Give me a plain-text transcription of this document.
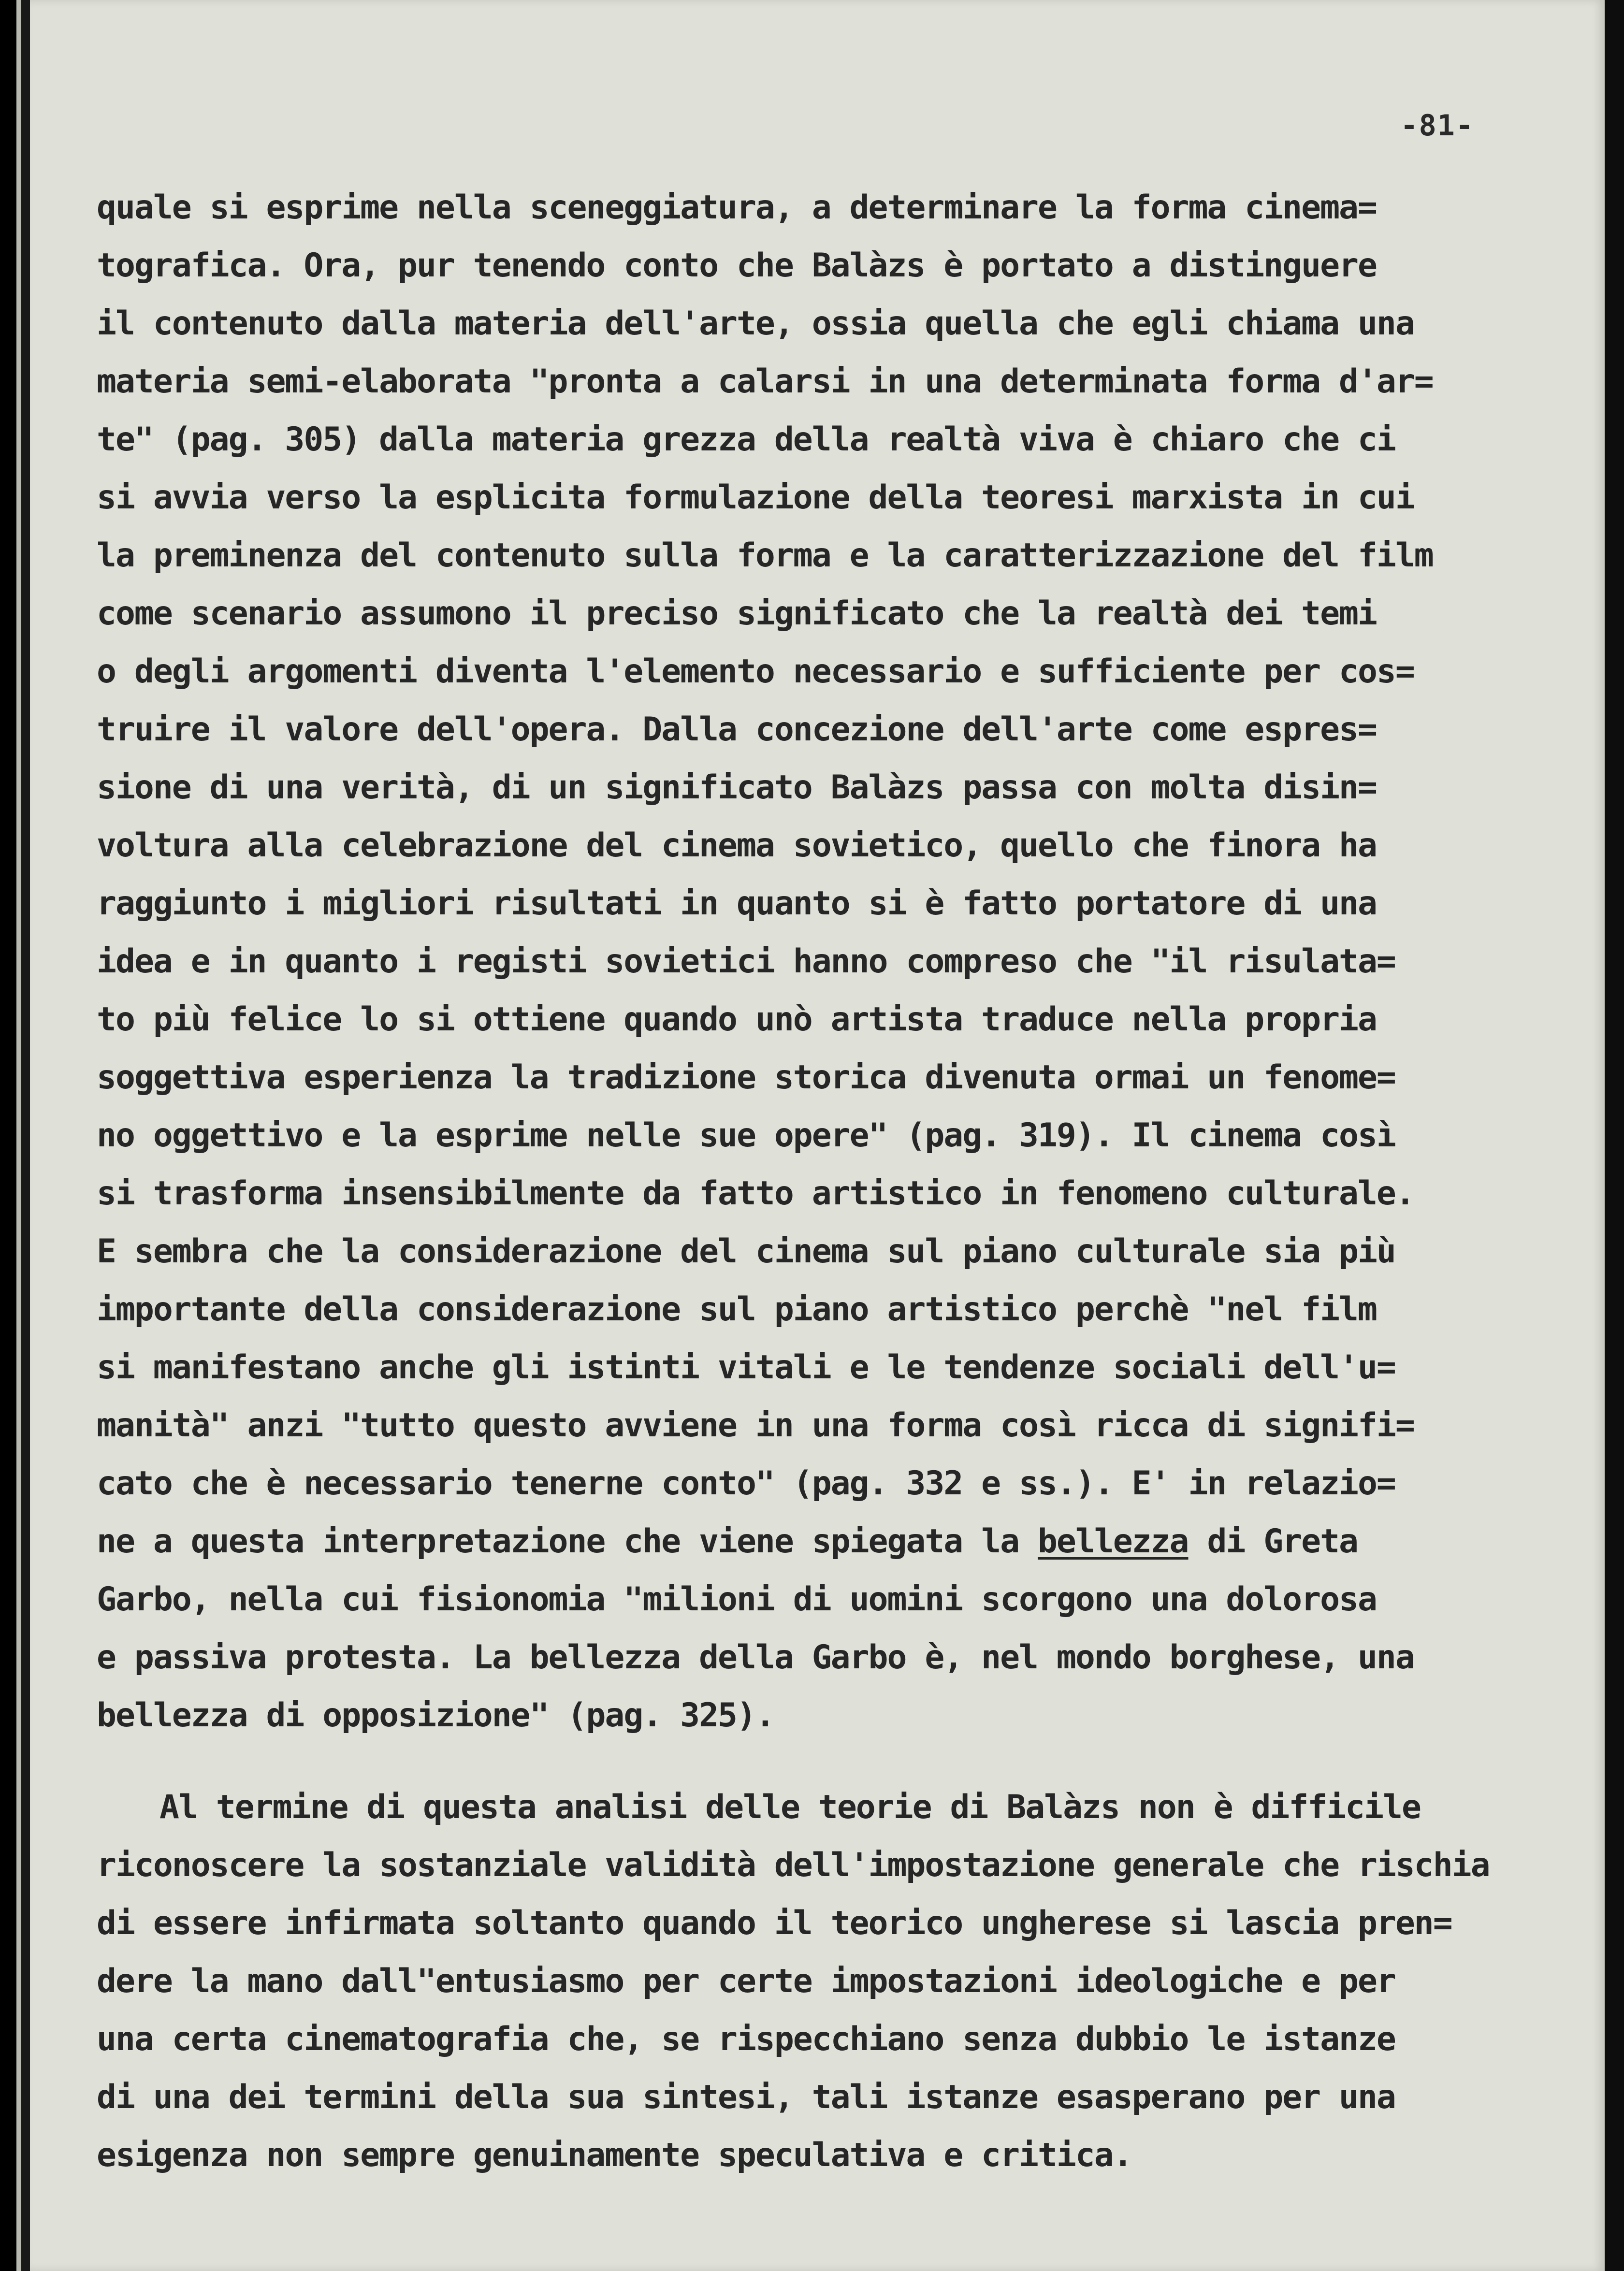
-81-
quale si esprime nella sceneggiatura, a determinare la forma cinema=
tografica. Ora, pur tenendo conto che Balàzs è portato a distinguere
il contenuto dalla materia dell'arte, ossia quella che egli chiama una
materia semi-elaborata "pronta a calarsi in una determinata forma d'ar=
te" (pag. 305) dalla materia grezza della realtà viva è chiaro che ci
si avvia verso la esplicita formulazione della teoresi marxista in cui
la preminenza del contenuto sulla forma e la caratterizzazione del film
come scenario assumono il preciso significato che la realtà dei temi
o degli argomenti diventa l'elemento necessario e sufficiente per cos=
truire il valore dell'opera. Dalla concezione dell'arte come espres=
sione di una verità, di un significato Balàzs passa con molta disin=
voltura alla celebrazione del cinema sovietico, quello che finora ha
raggiunto i migliori risultati in quanto si è fatto portatore di una
idea e in quanto i registi sovietici hanno compreso che "il risulata=
to più felice lo si ottiene quando unò artista traduce nella propria
soggettiva esperienza la tradizione storica divenuta ormai un fenome=
no oggettivo e la esprime nelle sue opere" (pag. 319). Il cinema così
si trasforma insensibilmente da fatto artistico in fenomeno culturale.
E sembra che la considerazione del cinema sul piano culturale sia più
importante della considerazione sul piano artistico perchè "nel film
si manifestano anche gli istinti vitali e le tendenze sociali dell'u=
manità" anzi "tutto questo avviene in una forma così ricca di signifi=
cato che è necessario tenerne conto" (pag. 332 e ss.). E' in relazio=
ne a questa interpretazione che viene spiegata la bellezza di Greta
Garbo, nella cui fisionomia "milioni di uomini scorgono una dolorosa
e passiva protesta. La bellezza della Garbo è, nel mondo borghese, una
bellezza di opposizione" (pag. 325).
Al termine di questa analisi delle teorie di Balàzs non è difficile
riconoscere la sostanziale validità dell'impostazione generale che rischia
di essere infirmata soltanto quando il teorico ungherese si lascia pren=
dere la mano dall"entusiasmo per certe impostazioni ideologiche e per
una certa cinematografia che, se rispecchiano senza dubbio le istanze
di una dei termini della sua sintesi, tali istanze esasperano per una
esigenza non sempre genuinamente speculativa e critica.
